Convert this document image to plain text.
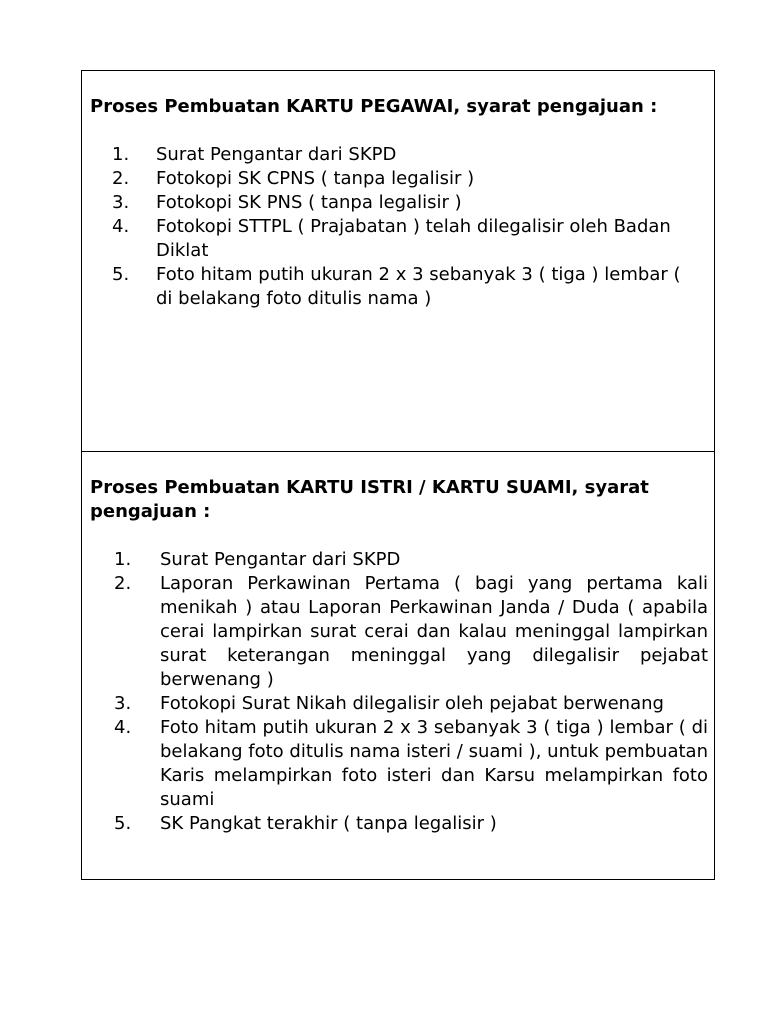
Proses Pembuatan KARTU PEGAWAI, syarat pengajuan :

1.	Surat Pengantar dari SKPD
2.	Fotokopi SK CPNS ( tanpa legalisir )
3.	Fotokopi SK PNS ( tanpa legalisir )
4.	Fotokopi STTPL ( Prajabatan ) telah dilegalisir oleh Badan Diklat
5.	Foto hitam putih ukuran 2 x 3 sebanyak 3 ( tiga ) lembar ( di belakang foto ditulis nama )

Proses Pembuatan KARTU ISTRI / KARTU SUAMI, syarat pengajuan :

1.	Surat Pengantar dari SKPD
2.	Laporan Perkawinan Pertama ( bagi yang pertama kali menikah ) atau Laporan Perkawinan Janda / Duda ( apabila cerai lampirkan surat cerai dan kalau meninggal lampirkan surat keterangan meninggal yang dilegalisir pejabat berwenang )
3.	Fotokopi Surat Nikah dilegalisir oleh pejabat berwenang
4.	Foto hitam putih ukuran 2 x 3 sebanyak 3 ( tiga ) lembar ( di belakang foto ditulis nama isteri / suami ), untuk pembuatan Karis melampirkan foto isteri dan Karsu melampirkan foto suami
5.	SK Pangkat terakhir ( tanpa legalisir )
